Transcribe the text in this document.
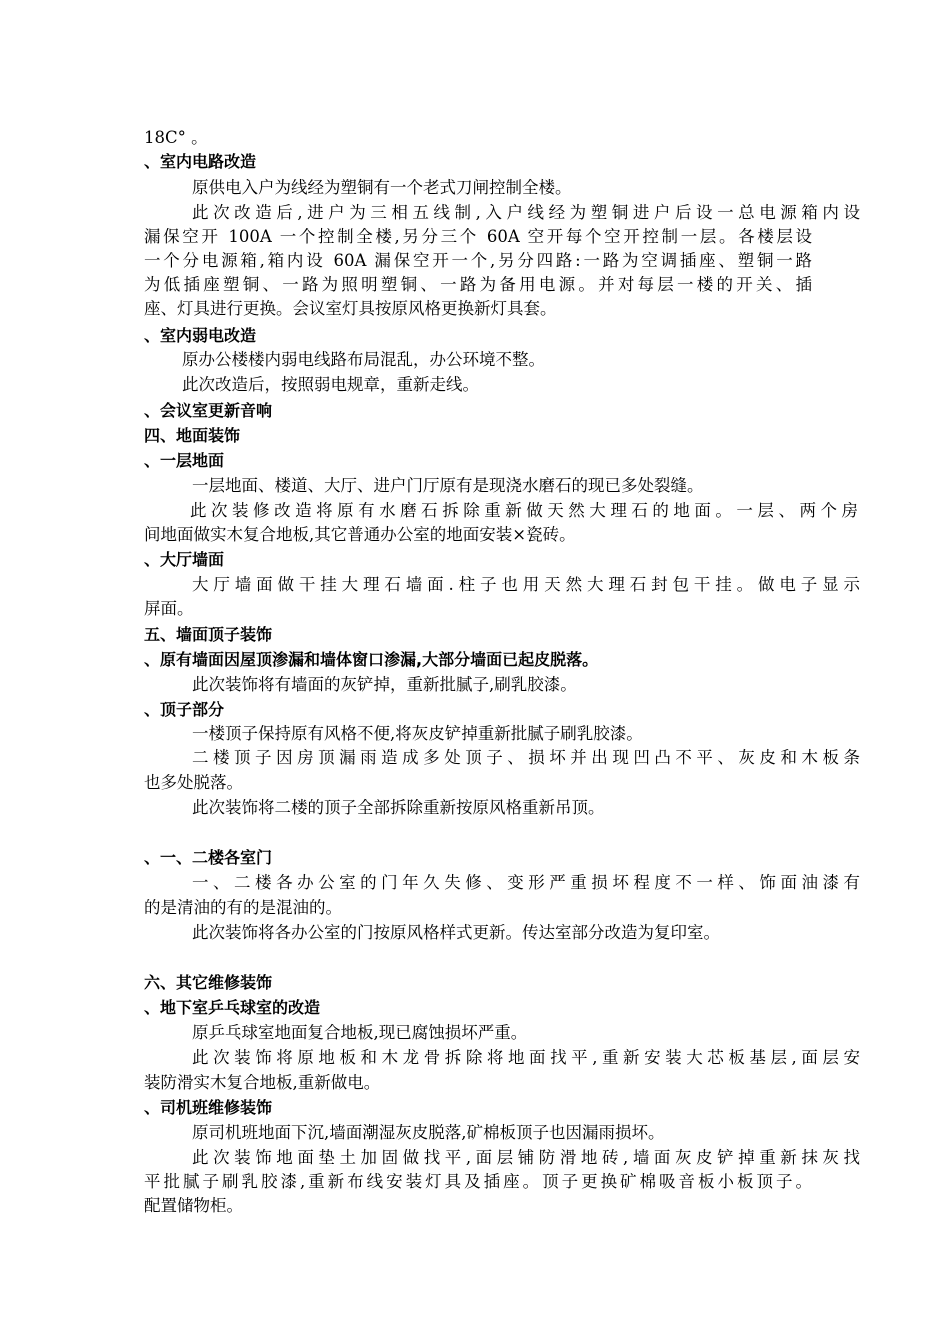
18C° 。
、室内电路改造
原供电入户为线经为塑铜有一个老式刀闸控制全楼。
此次改造后,进户为三相五线制,入户线经为塑铜进户后设一总电源箱内设
漏保空开 100A 一个控制全楼,另分三个 60A 空开每个空开控制一层。各楼层设
一个分电源箱,箱内设 60A 漏保空开一个,另分四路:一路为空调插座、塑铜一路
为低插座塑铜、一路为照明塑铜、一路为备用电源。并对每层一楼的开关、插
座、灯具进行更换。会议室灯具按原风格更换新灯具套。
、室内弱电改造
原办公楼楼内弱电线路布局混乱，办公环境不整。
此次改造后，按照弱电规章，重新走线。
、会议室更新音响
四、地面装饰
、一层地面
一层地面、楼道、大厅、进户门厅原有是现浇水磨石的现已多处裂缝。
此次装修改造将原有水磨石拆除重新做天然大理石的地面。一层、两个房
间地面做实木复合地板,其它普通办公室的地面安装×瓷砖。
、大厅墙面
大厅墙面做干挂大理石墙面.柱子也用天然大理石封包干挂。做电子显示
屏面。
五、墙面顶子装饰
、原有墙面因屋顶渗漏和墙体窗口渗漏,大部分墙面已起皮脱落。
此次装饰将有墙面的灰铲掉，重新批腻子,刷乳胶漆。
、顶子部分
一楼顶子保持原有风格不便,将灰皮铲掉重新批腻子刷乳胶漆。
二楼顶子因房顶漏雨造成多处顶子、损坏并出现凹凸不平、灰皮和木板条
也多处脱落。
此次装饰将二楼的顶子全部拆除重新按原风格重新吊顶。
、一、二楼各室门
一、二楼各办公室的门年久失修、变形严重损坏程度不一样、饰面油漆有
的是清油的有的是混油的。
此次装饰将各办公室的门按原风格样式更新。传达室部分改造为复印室。
六、其它维修装饰
、地下室乒乓球室的改造
原乒乓球室地面复合地板,现已腐蚀损坏严重。
此次装饰将原地板和木龙骨拆除将地面找平,重新安装大芯板基层,面层安
装防滑实木复合地板,重新做电。
、司机班维修装饰
原司机班地面下沉,墙面潮湿灰皮脱落,矿棉板顶子也因漏雨损坏。
此次装饰地面垫土加固做找平,面层铺防滑地砖,墙面灰皮铲掉重新抹灰找
平批腻子刷乳胶漆,重新布线安装灯具及插座。顶子更换矿棉吸音板小板顶子。
配置储物柜。
